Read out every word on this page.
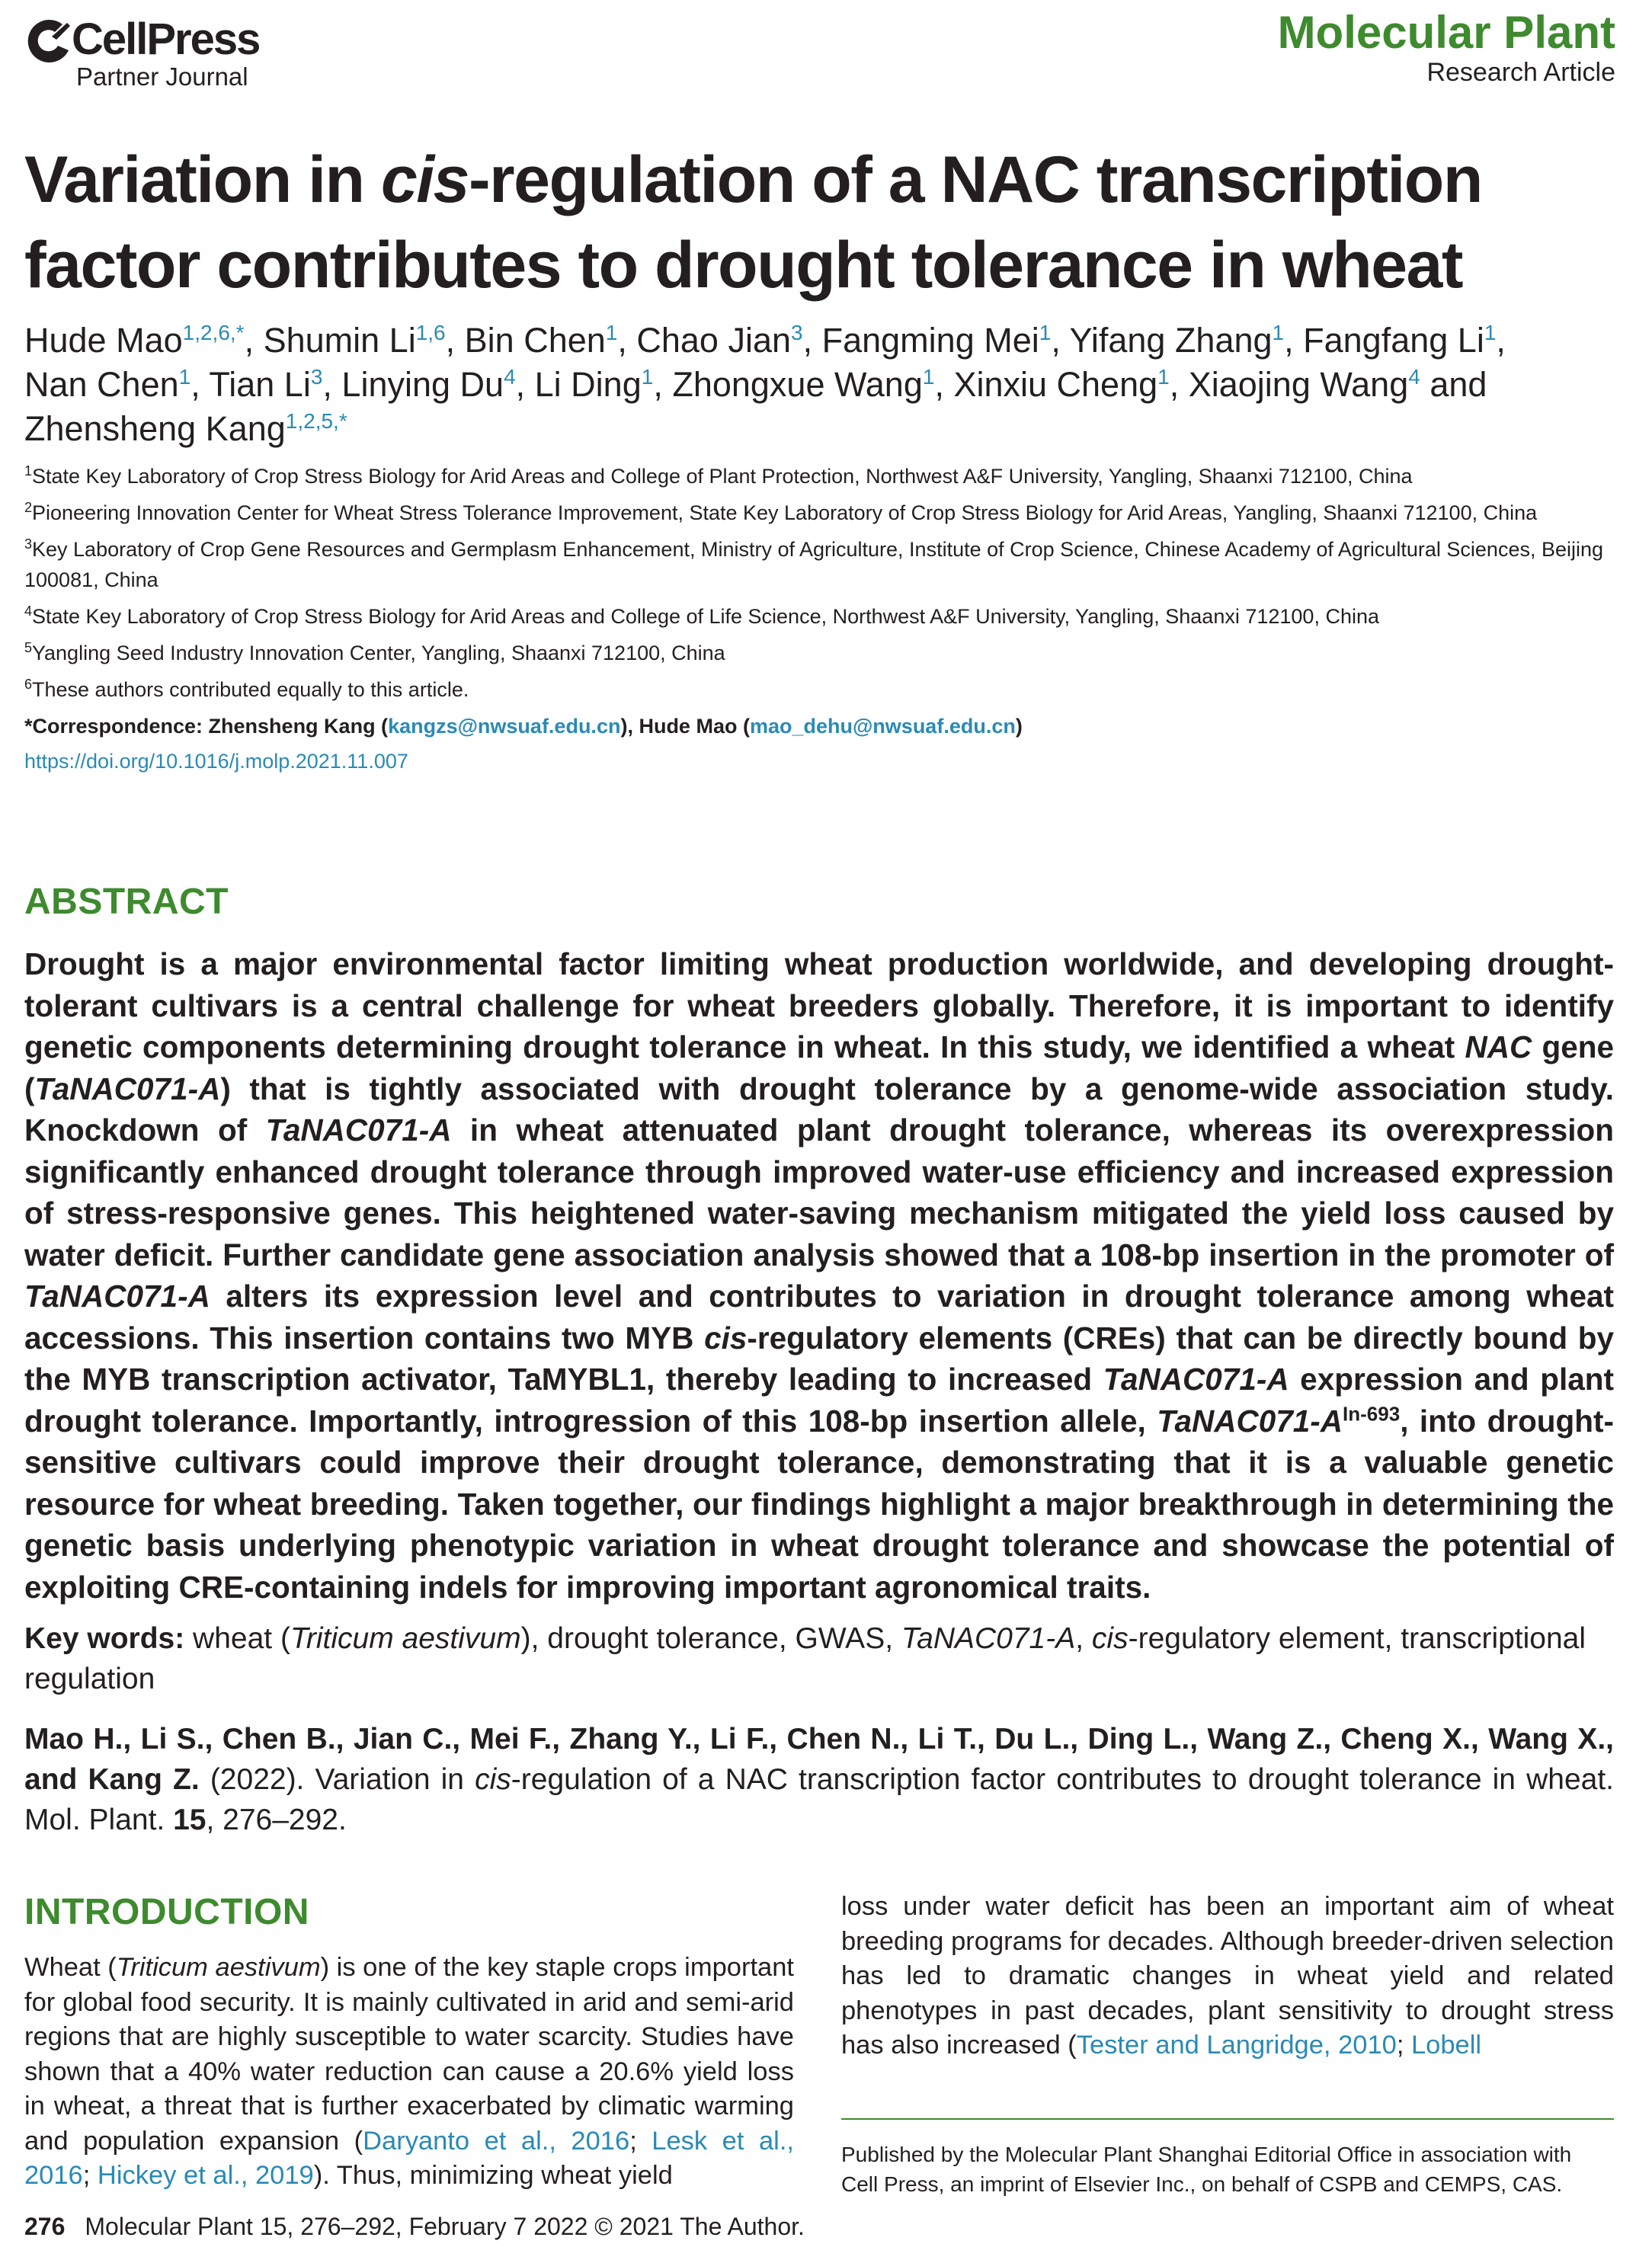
CellPress
Partner Journal
Molecular Plant
Research Article
Variation in cis-regulation of a NAC transcription factor contributes to drought tolerance in wheat
Hude Mao$^{1,2,6,*}$, Shumin Li$^{1,6}$, Bin Chen$^1$, Chao Jian$^3$, Fangming Mei$^1$, Yifang Zhang$^1$, Fangfang Li$^1$, Nan Chen$^1$, Tian Li$^3$, Linying Du$^4$, Li Ding$^1$, Zhongxue Wang$^1$, Xinxiu Cheng$^1$, Xiaojing Wang$^4$ and Zhensheng Kang$^{1,2,5,*}$
$^1$State Key Laboratory of Crop Stress Biology for Arid Areas and College of Plant Protection, Northwest A&F University, Yangling, Shaanxi 712100, China
$^2$Pioneering Innovation Center for Wheat Stress Tolerance Improvement, State Key Laboratory of Crop Stress Biology for Arid Areas, Yangling, Shaanxi 712100, China
$^3$Key Laboratory of Crop Gene Resources and Germplasm Enhancement, Ministry of Agriculture, Institute of Crop Science, Chinese Academy of Agricultural Sciences, Beijing 100081, China
$^4$State Key Laboratory of Crop Stress Biology for Arid Areas and College of Life Science, Northwest A&F University, Yangling, Shaanxi 712100, China
$^5$Yangling Seed Industry Innovation Center, Yangling, Shaanxi 712100, China
$^6$These authors contributed equally to this article.
*Correspondence: Zhensheng Kang (kangzs@nwsuaf.edu.cn), Hude Mao (mao_dehu@nwsuaf.edu.cn)
https://doi.org/10.1016/j.molp.2021.11.007
ABSTRACT
Drought is a major environmental factor limiting wheat production worldwide, and developing drought-tolerant cultivars is a central challenge for wheat breeders globally. Therefore, it is important to identify genetic components determining drought tolerance in wheat. In this study, we identified a wheat NAC gene (TaNAC071-A) that is tightly associated with drought tolerance by a genome-wide association study. Knockdown of TaNAC071-A in wheat attenuated plant drought tolerance, whereas its overexpression significantly enhanced drought tolerance through improved water-use efficiency and increased expression of stress-responsive genes. This heightened water-saving mechanism mitigated the yield loss caused by water deficit. Further candidate gene association analysis showed that a 108-bp insertion in the promoter of TaNAC071-A alters its expression level and contributes to variation in drought tolerance among wheat accessions. This insertion contains two MYB cis-regulatory elements (CREs) that can be directly bound by the MYB transcription activator, TaMYBL1, thereby leading to increased TaNAC071-A expression and plant drought tolerance. Importantly, introgression of this 108-bp insertion allele, $TaNAC071-A^{In-693}$, into drought-sensitive cultivars could improve their drought tolerance, demonstrating that it is a valuable genetic resource for wheat breeding. Taken together, our findings highlight a major breakthrough in determining the genetic basis underlying phenotypic variation in wheat drought tolerance and showcase the potential of exploiting CRE-containing indels for improving important agronomical traits.
Key words: wheat (Triticum aestivum), drought tolerance, GWAS, TaNAC071-A, cis-regulatory element, transcriptional regulation
Mao H., Li S., Chen B., Jian C., Mei F., Zhang Y., Li F., Chen N., Li T., Du L., Ding L., Wang Z., Cheng X., Wang X., and Kang Z. (2022). Variation in cis-regulation of a NAC transcription factor contributes to drought tolerance in wheat. Mol. Plant. 15, 276–292.
INTRODUCTION
Wheat (Triticum aestivum) is one of the key staple crops important for global food security. It is mainly cultivated in arid and semi-arid regions that are highly susceptible to water scarcity. Studies have shown that a 40% water reduction can cause a 20.6% yield loss in wheat, a threat that is further exacerbated by climatic warming and population expansion (Daryanto et al., 2016; Lesk et al., 2016; Hickey et al., 2019). Thus, minimizing wheat yield
loss under water deficit has been an important aim of wheat breeding programs for decades. Although breeder-driven selection has led to dramatic changes in wheat yield and related phenotypes in past decades, plant sensitivity to drought stress has also increased (Tester and Langridge, 2010; Lobell
Published by the Molecular Plant Shanghai Editorial Office in association with Cell Press, an imprint of Elsevier Inc., on behalf of CSPB and CEMPS, CAS.
276 Molecular Plant 15, 276–292, February 7 2022 © 2021 The Author.
